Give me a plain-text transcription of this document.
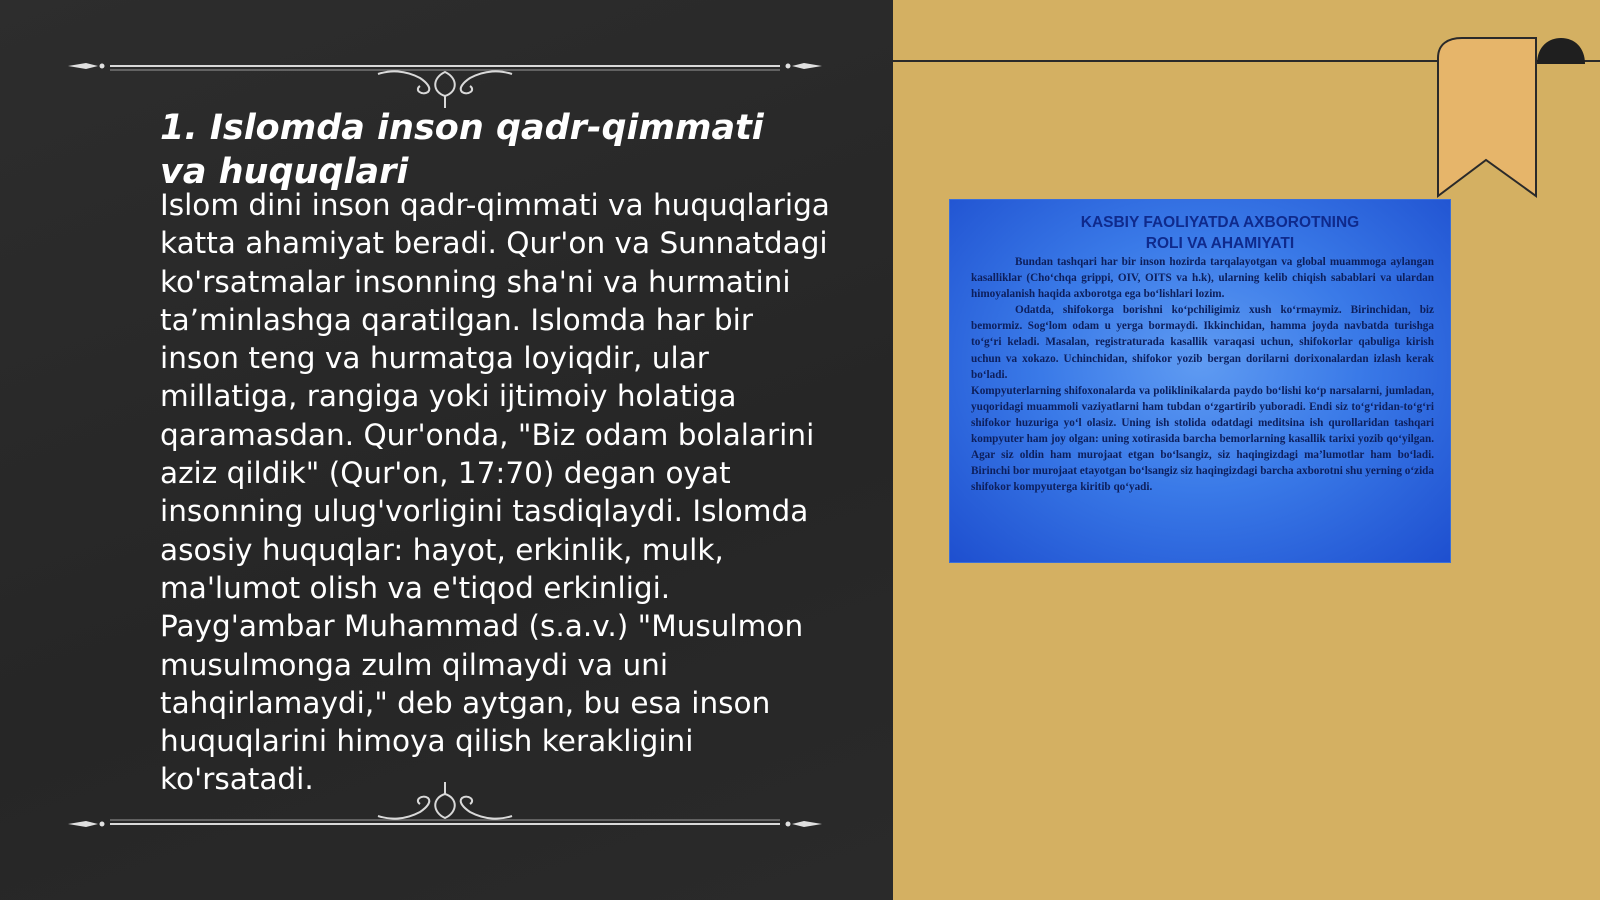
1. Islomda inson qadr-qimmati va huquqlari

Islom dini inson qadr-qimmati va huquqlariga katta ahamiyat beradi. Qur'on va Sunnatdagi ko'rsatmalar insonning sha'ni va hurmatini ta’minlashga qaratilgan. Islomda har bir inson teng va hurmatga loyiqdir, ular millatiga, rangiga yoki ijtimoiy holatiga qaramasdan. Qur'onda, "Biz odam bolalarini aziz qildik" (Qur'on, 17:70) degan oyat insonning ulug'vorligini tasdiqlaydi. Islomda asosiy huquqlar: hayot, erkinlik, mulk, ma'lumot olish va e'tiqod erkinligi. Payg'ambar Muhammad (s.a.v.) "Musulmon musulmonga zulm qilmaydi va uni tahqirlamaydi," deb aytgan, bu esa inson huquqlarini himoya qilish kerakligini ko'rsatadi.

KASBIY FAOLIYATDA AXBOROTNING
ROLI VA AHAMIYATI

Bundan tashqari har bir inson hozirda tarqalayotgan va global muammoga aylangan kasalliklar (Cho‘chqa grippi, OIV, OITS va h.k), ularning kelib chiqish sabablari va ulardan himoyalanish haqida axborotga ega bo‘lishlari lozim.

Odatda, shifokorga borishni ko‘pchiligimiz xush ko‘rmaymiz. Birinchidan, biz bemormiz. Sog‘lom odam u yerga bormaydi. Ikkinchidan, hamma joyda navbatda turishga to‘g‘ri keladi. Masalan, registraturada kasallik varaqasi uchun, shifokorlar qabuliga kirish uchun va xokazo. Uchinchidan, shifokor yozib bergan dorilarni dorixonalardan izlash kerak bo‘ladi.

Kompyuterlarning shifoxonalarda va poliklinikalarda paydo bo‘lishi ko‘p narsalarni, jumladan, yuqoridagi muammoli vaziyatlarni ham tubdan o‘zgartirib yuboradi. Endi siz to‘g‘ridan-to‘g‘ri shifokor huzuriga yo‘l olasiz. Uning ish stolida odatdagi meditsina ish qurollaridan tashqari kompyuter ham joy olgan: uning xotirasida barcha bemorlarning kasallik tarixi yozib qo‘yilgan. Agar siz oldin ham murojaat etgan bo‘lsangiz, siz haqingizdagi ma’lumotlar ham bo‘ladi. Birinchi bor murojaat etayotgan bo‘lsangiz siz haqingizdagi barcha axborotni shu yerning o‘zida shifokor kompyuterga kiritib qo‘yadi.
